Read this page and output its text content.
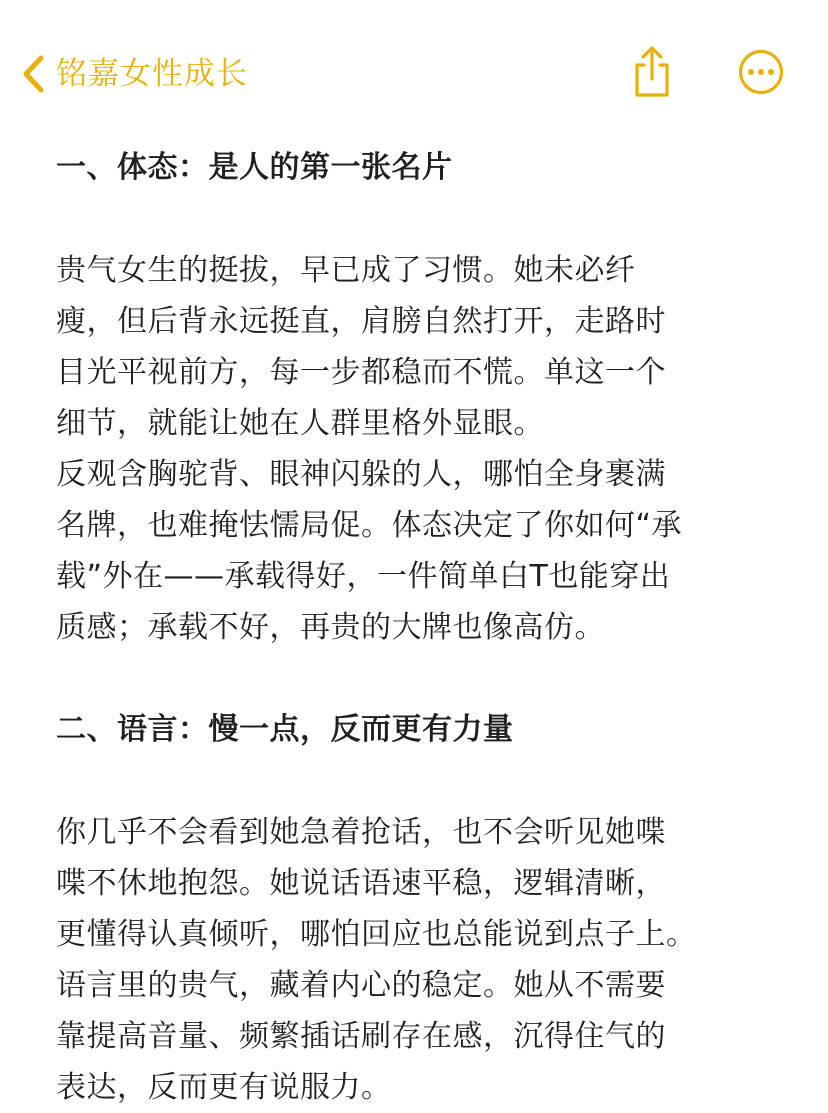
铭嘉女性成长

一、体态：是人的第一张名片

贵气女生的挺拔，早已成了习惯。她未必纤

瘦，但后背永远挺直，肩膀自然打开，走路时

目光平视前方，每一步都稳而不慌。单这一个

细节，就能让她在人群里格外显眼。

反观含胸驼背、眼神闪躲的人，哪怕全身裹满

名牌，也难掩怯懦局促。体态决定了你如何“承

载”外在——承载得好，一件简单白T也能穿出

质感；承载不好，再贵的大牌也像高仿。

二、语言：慢一点，反而更有力量

你几乎不会看到她急着抢话，也不会听见她喋

喋不休地抱怨。她说话语速平稳，逻辑清晰，

更懂得认真倾听，哪怕回应也总能说到点子上。

语言里的贵气，藏着内心的稳定。她从不需要

靠提高音量、频繁插话刷存在感，沉得住气的

表达，反而更有说服力。
